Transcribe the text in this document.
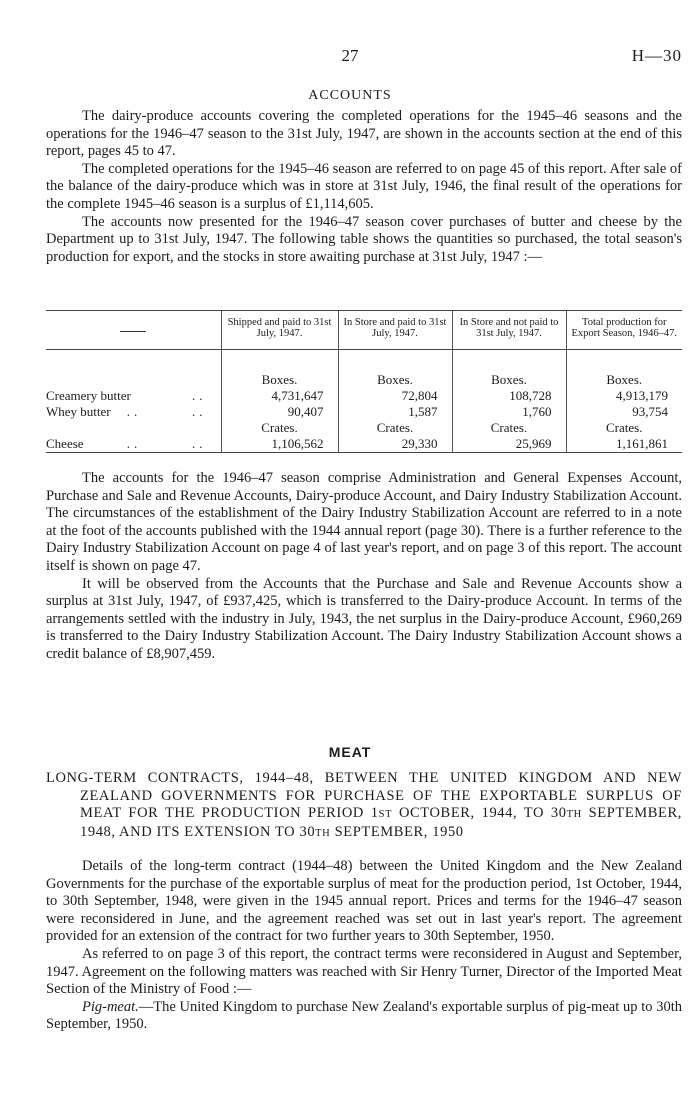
27	H—30
ACCOUNTS

The dairy-produce accounts covering the completed operations for the 1945–46 seasons and the operations for the 1946–47 season to the 31st July, 1947, are shown in the accounts section at the end of this report, pages 45 to 47.

The completed operations for the 1945–46 season are referred to on page 45 of this report. After sale of the balance of the dairy-produce which was in store at 31st July, 1946, the final result of the operations for the complete 1945–46 season is a surplus of £1,114,605.

The accounts now presented for the 1946–47 season cover purchases of butter and cheese by the Department up to 31st July, 1947. The following table shows the quantities so purchased, the total season's production for export, and the stocks in store awaiting purchase at 31st July, 1947 :—

	Shipped and paid to 31st July, 1947.	In Store and paid to 31st July, 1947.	In Store and not paid to 31st July, 1947.	Total production for Export Season, 1946–47.

	Boxes.	Boxes.	Boxes.	Boxes.
Creamery butter ..	4,731,647	72,804	108,728	4,913,179
Whey butter ..       ..	90,407	1,587	1,760	93,754
	Crates.	Crates.	Crates.	Crates.
Cheese ..       ..	1,106,562	29,330	25,969	1,161,861

The accounts for the 1946–47 season comprise Administration and General Expenses Account, Purchase and Sale and Revenue Accounts, Dairy-produce Account, and Dairy Industry Stabilization Account. The circumstances of the establishment of the Dairy Industry Stabilization Account are referred to in a note at the foot of the accounts published with the 1944 annual report (page 30). There is a further reference to the Dairy Industry Stabilization Account on page 4 of last year's report, and on page 3 of this report. The account itself is shown on page 47.

It will be observed from the Accounts that the Purchase and Sale and Revenue Accounts show a surplus at 31st July, 1947, of £937,425, which is transferred to the Dairy-produce Account. In terms of the arrangements settled with the industry in July, 1943, the net surplus in the Dairy-produce Account, £960,269 is transferred to the Dairy Industry Stabilization Account. The Dairy Industry Stabilization Account shows a credit balance of £8,907,459.

MEAT
LONG-TERM CONTRACTS, 1944–48, BETWEEN THE UNITED KINGDOM AND NEW ZEALAND GOVERNMENTS FOR PURCHASE OF THE EXPORTABLE SURPLUS OF MEAT FOR THE PRODUCTION PERIOD 1ST OCTOBER, 1944, TO 30TH SEPTEMBER, 1948, AND ITS EXTENSION TO 30TH SEPTEMBER, 1950

Details of the long-term contract (1944–48) between the United Kingdom and the New Zealand Governments for the purchase of the exportable surplus of meat for the production period, 1st October, 1944, to 30th September, 1948, were given in the 1945 annual report. Prices and terms for the 1946–47 season were reconsidered in June, and the agreement reached was set out in last year's report. The agreement provided for an extension of the contract for two further years to 30th September, 1950.

As referred to on page 3 of this report, the contract terms were reconsidered in August and September, 1947. Agreement on the following matters was reached with Sir Henry Turner, Director of the Imported Meat Section of the Ministry of Food :—

Pig-meat.—The United Kingdom to purchase New Zealand's exportable surplus of pig-meat up to 30th September, 1950.
